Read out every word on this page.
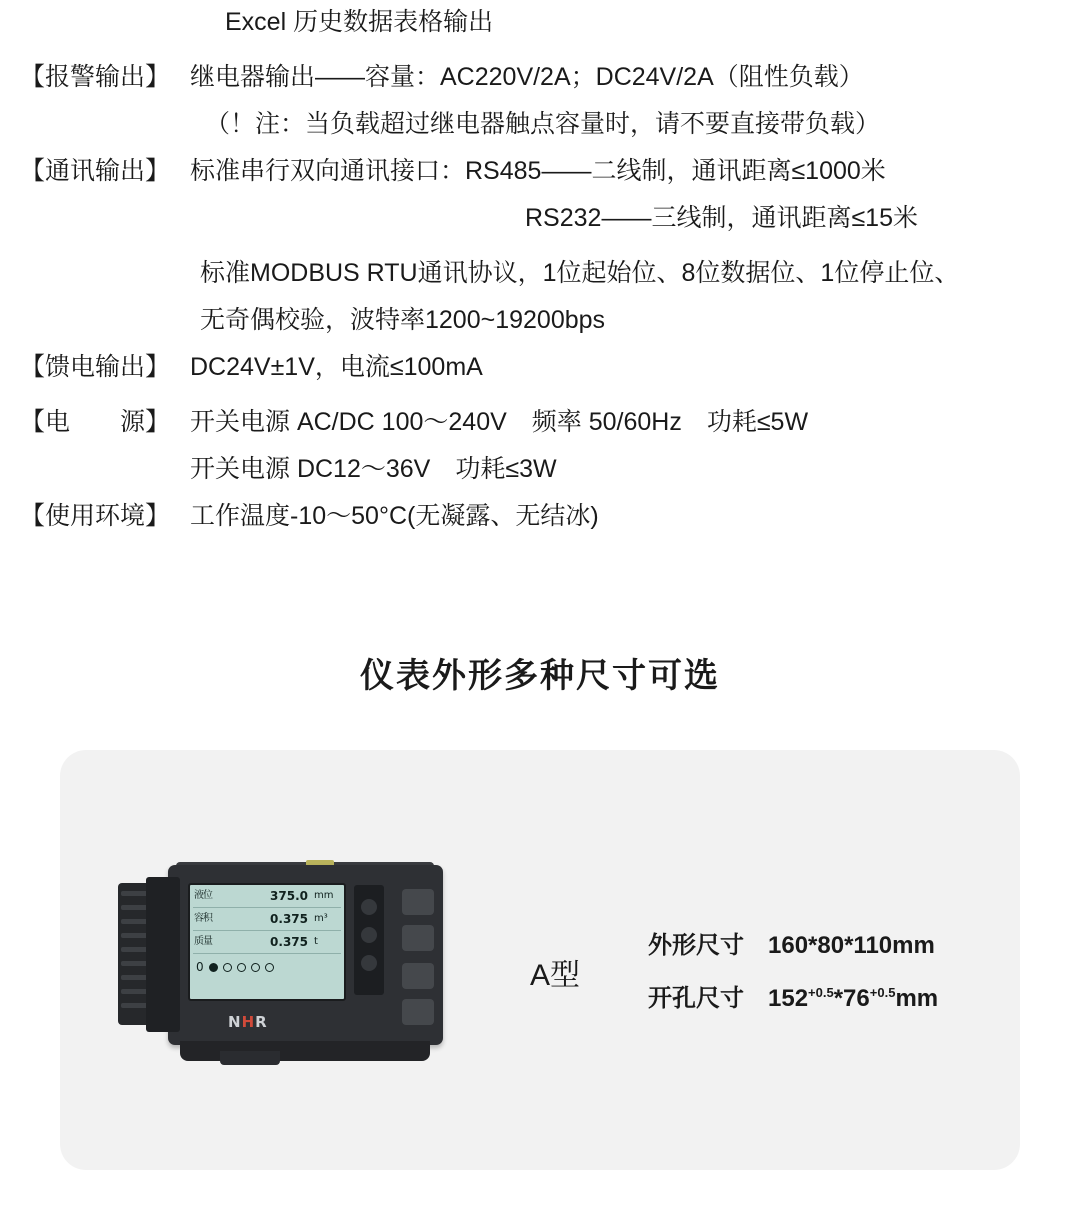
Excel 历史数据表格输出
【报警输出】 继电器输出——容量：AC220V/2A；DC24V/2A（阻性负载）
（！注：当负载超过继电器触点容量时，请不要直接带负载）
【通讯输出】 标准串行双向通讯接口：RS485——二线制，通讯距离≤1000米
RS232——三线制，通讯距离≤15米
标准MODBUS RTU通讯协议，1位起始位、8位数据位、1位停止位、
无奇偶校验，波特率1200~19200bps
【馈电输出】 DC24V±1V，电流≤100mA
【电　　源】 开关电源 AC/DC 100～240V　频率 50/60Hz　功耗≤5W
开关电源 DC12～36V　功耗≤3W
【使用环境】 工作温度-10～50°C(无凝露、无结冰)
仪表外形多种尺寸可选
液位	375.0 mm
容积	0.375 m³
质量	0.375 t
0
NHR
A型
外形尺寸	160*80*110mm
开孔尺寸	$152^{+0.5}*76^{+0.5}mm$
